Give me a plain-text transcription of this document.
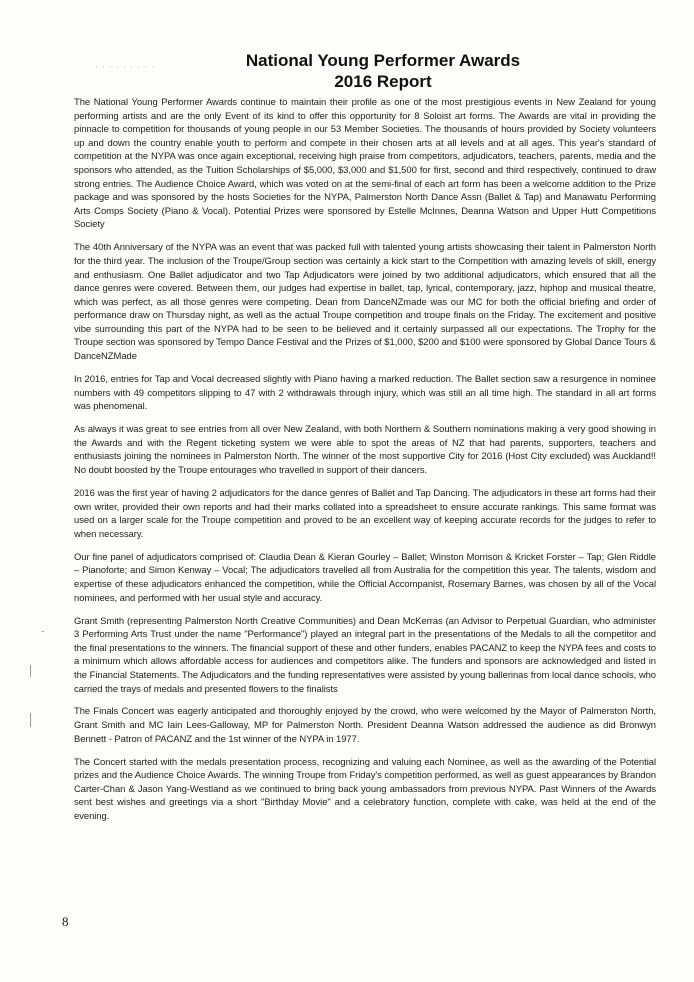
National Young Performer Awards
2016 Report

The National Young Performer Awards continue to maintain their profile as one of the most prestigious events in New Zealand for young performing artists and are the only Event of its kind to offer this opportunity for 8 Soloist art forms. The Awards are vital in providing the pinnacle to competition for thousands of young people in our 53 Member Societies. The thousands of hours provided by Society volunteers up and down the country enable youth to perform and compete in their chosen arts at all levels and at all ages. This year's standard of competition at the NYPA was once again exceptional, receiving high praise from competitors, adjudicators, teachers, parents, media and the sponsors who attended, as the Tuition Scholarships of $5,000, $3,000 and $1,500 for first, second and third respectively, continued to draw strong entries. The Audience Choice Award, which was voted on at the semi-final of each art form has been a welcome addition to the Prize package and was sponsored by the hosts Societies for the NYPA, Palmerston North Dance Assn (Ballet & Tap) and Manawatu Performing Arts Comps Society (Piano & Vocal). Potential Prizes were sponsored by Estelle McInnes, Deanna Watson and Upper Hutt Competitions Society

The 40th Anniversary of the NYPA was an event that was packed full with talented young artists showcasing their talent in Palmerston North for the third year. The inclusion of the Troupe/Group section was certainly a kick start to the Competition with amazing levels of skill, energy and enthusiasm. One Ballet adjudicator and two Tap Adjudicators were joined by two additional adjudicators, which ensured that all the dance genres were covered. Between them, our judges had expertise in ballet, tap, lyrical, contemporary, jazz, hiphop and musical theatre, which was perfect, as all those genres were competing. Dean from DanceNZmade was our MC for both the official briefing and order of performance draw on Thursday night, as well as the actual Troupe competition and troupe finals on the Friday. The excitement and positive vibe surrounding this part of the NYPA had to be seen to be believed and it certainly surpassed all our expectations. The Trophy for the Troupe section was sponsored by Tempo Dance Festival and the Prizes of $1,000, $200 and $100 were sponsored by Global Dance Tours & DanceNZMade

In 2016, entries for Tap and Vocal decreased slightly with Piano having a marked reduction. The Ballet section saw a resurgence in nominee numbers with 49 competitors slipping to 47 with 2 withdrawals through injury, which was still an all time high. The standard in all art forms was phenomenal.

As always it was great to see entries from all over New Zealand, with both Northern & Southern nominations making a very good showing in the Awards and with the Regent ticketing system we were able to spot the areas of NZ that had parents, supporters, teachers and enthusiasts joining the nominees in Palmerston North. The winner of the most supportive City for 2016 (Host City excluded) was Auckland!! No doubt boosted by the Troupe entourages who travelled in support of their dancers.

2016 was the first year of having 2 adjudicators for the dance genres of Ballet and Tap Dancing. The adjudicators in these art forms had their own writer, provided their own reports and had their marks collated into a spreadsheet to ensure accurate rankings. This same format was used on a larger scale for the Troupe competition and proved to be an excellent way of keeping accurate records for the judges to refer to when necessary.

Our fine panel of adjudicators comprised of: Claudia Dean & Kieran Gourley – Ballet; Winston Morrison & Kricket Forster – Tap; Glen Riddle – Pianoforte; and Simon Kenway – Vocal; The adjudicators travelled all from Australia for the competition this year. The talents, wisdom and expertise of these adjudicators enhanced the competition, while the Official Accompanist, Rosemary Barnes, was chosen by all of the Vocal nominees, and performed with her usual style and accuracy.

Grant Smith (representing Palmerston North Creative Communities) and Dean McKerras (an Advisor to Perpetual Guardian, who administer 3 Performing Arts Trust under the name "Performance") played an integral part in the presentations of the Medals to all the competitor and the final presentations to the winners. The financial support of these and other funders, enables PACANZ to keep the NYPA fees and costs to a minimum which allows affordable access for audiences and competitors alike. The funders and sponsors are acknowledged and listed in the Financial Statements. The Adjudicators and the funding representatives were assisted by young ballerinas from local dance schools, who carried the trays of medals and presented flowers to the finalists

The Finals Concert was eagerly anticipated and thoroughly enjoyed by the crowd, who were welcomed by the Mayor of Palmerston North, Grant Smith and MC Iain Lees-Galloway, MP for Palmerston North. President Deanna Watson addressed the audience as did Bronwyn Bennett - Patron of PACANZ and the 1st winner of the NYPA in 1977.

The Concert started with the medals presentation process, recognizing and valuing each Nominee, as well as the awarding of the Potential prizes and the Audience Choice Awards. The winning Troupe from Friday's competition performed, as well as guest appearances by Brandon Carter-Chan & Jason Yang-Westland as we continued to bring back young ambassadors from previous NYPA. Past Winners of the Awards sent best wishes and greetings via a short "Birthday Movie" and a celebratory function, complete with cake, was held at the end of the evening.

8
